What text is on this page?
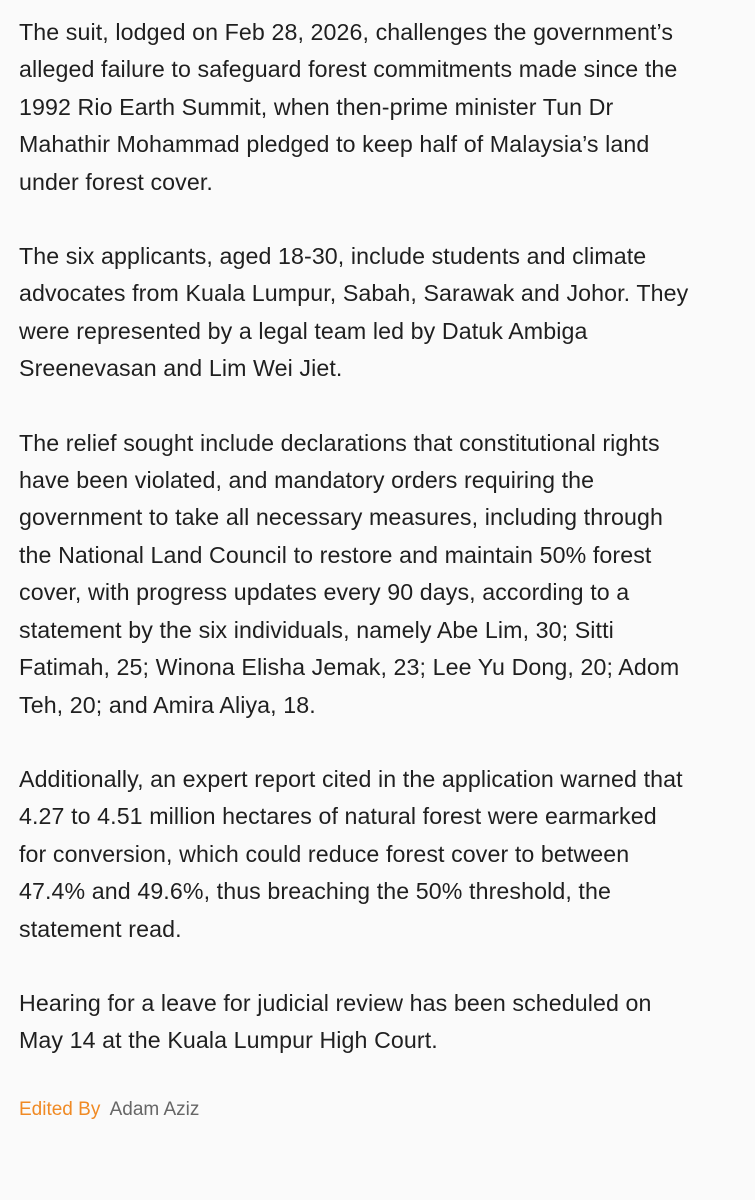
The suit, lodged on Feb 28, 2026, challenges the government’s
alleged failure to safeguard forest commitments made since the
1992 Rio Earth Summit, when then-prime minister Tun Dr
Mahathir Mohammad pledged to keep half of Malaysia’s land
under forest cover.

The six applicants, aged 18-30, include students and climate
advocates from Kuala Lumpur, Sabah, Sarawak and Johor. They
were represented by a legal team led by Datuk Ambiga
Sreenevasan and Lim Wei Jiet.

The relief sought include declarations that constitutional rights
have been violated, and mandatory orders requiring the
government to take all necessary measures, including through
the National Land Council to restore and maintain 50% forest
cover, with progress updates every 90 days, according to a
statement by the six individuals, namely Abe Lim, 30; Sitti
Fatimah, 25; Winona Elisha Jemak, 23; Lee Yu Dong, 20; Adom
Teh, 20; and Amira Aliya, 18.

Additionally, an expert report cited in the application warned that
4.27 to 4.51 million hectares of natural forest were earmarked
for conversion, which could reduce forest cover to between
47.4% and 49.6%, thus breaching the 50% threshold, the
statement read.

Hearing for a leave for judicial review has been scheduled on
May 14 at the Kuala Lumpur High Court.

Edited By Adam Aziz
